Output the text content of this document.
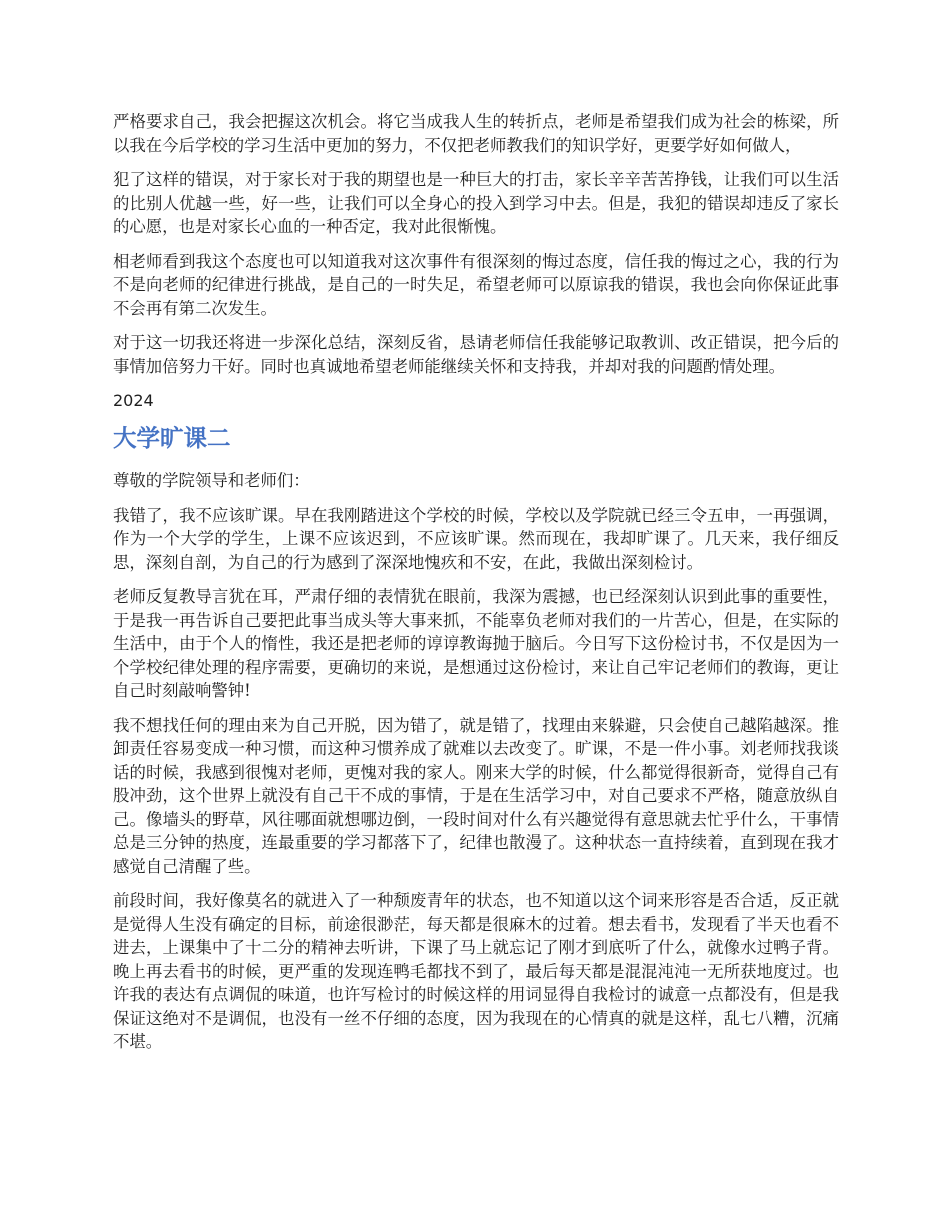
严格要求自己，我会把握这次机会。将它当成我人生的转折点，老师是希望我们成为社会的栋梁，所以我在今后学校的学习生活中更加的努力，不仅把老师教我们的知识学好，更要学好如何做人，

犯了这样的错误，对于家长对于我的期望也是一种巨大的打击，家长辛辛苦苦挣钱，让我们可以生活的比别人优越一些，好一些，让我们可以全身心的投入到学习中去。但是，我犯的错误却违反了家长的心愿，也是对家长心血的一种否定，我对此很惭愧。

相老师看到我这个态度也可以知道我对这次事件有很深刻的悔过态度，信任我的悔过之心，我的行为不是向老师的纪律进行挑战，是自己的一时失足，希望老师可以原谅我的错误，我也会向你保证此事不会再有第二次发生。

对于这一切我还将进一步深化总结，深刻反省，恳请老师信任我能够记取教训、改正错误，把今后的事情加倍努力干好。同时也真诚地希望老师能继续关怀和支持我，并却对我的问题酌情处理。

2024
大学旷课二

尊敬的学院领导和老师们：

我错了，我不应该旷课。早在我刚踏进这个学校的时候，学校以及学院就已经三令五申，一再强调，作为一个大学的学生，上课不应该迟到，不应该旷课。然而现在，我却旷课了。几天来，我仔细反思，深刻自剖，为自己的行为感到了深深地愧疚和不安，在此，我做出深刻检讨。

老师反复教导言犹在耳，严肃仔细的表情犹在眼前，我深为震撼，也已经深刻认识到此事的重要性，于是我一再告诉自己要把此事当成头等大事来抓，不能辜负老师对我们的一片苦心，但是，在实际的生活中，由于个人的惰性，我还是把老师的谆谆教诲抛于脑后。今日写下这份检讨书，不仅是因为一个学校纪律处理的程序需要，更确切的来说，是想通过这份检讨，来让自己牢记老师们的教诲，更让自己时刻敲响警钟!

我不想找任何的理由来为自己开脱，因为错了，就是错了，找理由来躲避，只会使自己越陷越深。推卸责任容易变成一种习惯，而这种习惯养成了就难以去改变了。旷课，不是一件小事。刘老师找我谈话的时候，我感到很愧对老师，更愧对我的家人。刚来大学的时候，什么都觉得很新奇，觉得自己有股冲劲，这个世界上就没有自己干不成的事情，于是在生活学习中，对自己要求不严格，随意放纵自己。像墙头的野草，风往哪面就想哪边倒，一段时间对什么有兴趣觉得有意思就去忙乎什么，干事情总是三分钟的热度，连最重要的学习都落下了，纪律也散漫了。这种状态一直持续着，直到现在我才感觉自己清醒了些。

前段时间，我好像莫名的就进入了一种颓废青年的状态，也不知道以这个词来形容是否合适，反正就是觉得人生没有确定的目标，前途很渺茫，每天都是很麻木的过着。想去看书，发现看了半天也看不进去，上课集中了十二分的精神去听讲，下课了马上就忘记了刚才到底听了什么，就像水过鸭子背。晚上再去看书的时候，更严重的发现连鸭毛都找不到了，最后每天都是混混沌沌一无所获地度过。也许我的表达有点调侃的味道，也许写检讨的时候这样的用词显得自我检讨的诚意一点都没有，但是我保证这绝对不是调侃，也没有一丝不仔细的态度，因为我现在的心情真的就是这样，乱七八糟，沉痛不堪。
